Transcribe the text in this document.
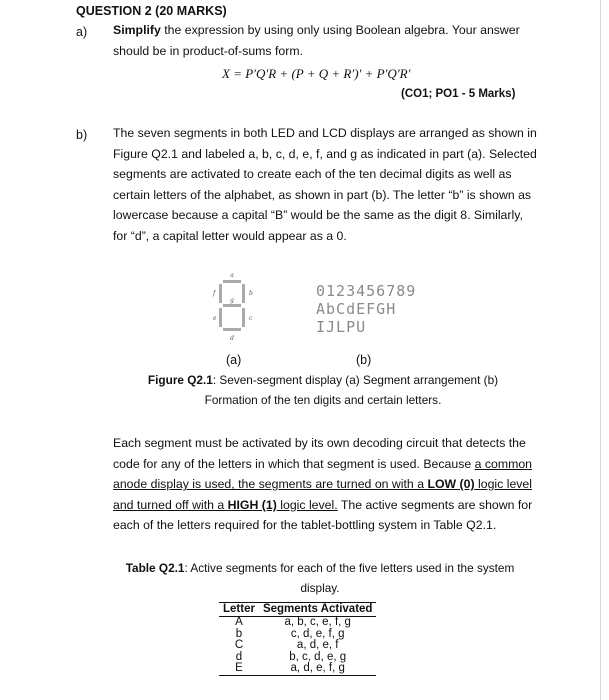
QUESTION 2 (20 MARKS)
a) Simplify the expression by using only using Boolean algebra. Your answer
should be in product-of-sums form.
X = P′Q′R + (P + Q + R′)′ + P′Q′R′
(CO1; PO1 - 5 Marks)
b) The seven segments in both LED and LCD displays are arranged as shown in
Figure Q2.1 and labeled a, b, c, d, e, f, and g as indicated in part (a). Selected
segments are activated to create each of the ten decimal digits as well as
certain letters of the alphabet, as shown in part (b). The letter “b” is shown as
lowercase because a capital “B” would be the same as the digit 8. Similarly,
for “d”, a capital letter would appear as a 0.
a
b
c
d
e
f
g
0123456789
AbCdEFGH
IJLPU
(a)	(b)
Figure Q2.1: Seven-segment display (a) Segment arrangement (b)
Formation of the ten digits and certain letters.
Each segment must be activated by its own decoding circuit that detects the
code for any of the letters in which that segment is used. Because a common
anode display is used, the segments are turned on with a LOW (0) logic level
and turned off with a HIGH (1) logic level. The active segments are shown for
each of the letters required for the tablet-bottling system in Table Q2.1.
Table Q2.1: Active segments for each of the five letters used in the system
display.
Letter	Segments Activated
A	a, b, c, e, f, g
b	c, d, e, f, g
C	a, d, e, f
d	b, c, d, e, g
E	a, d, e, f, g
